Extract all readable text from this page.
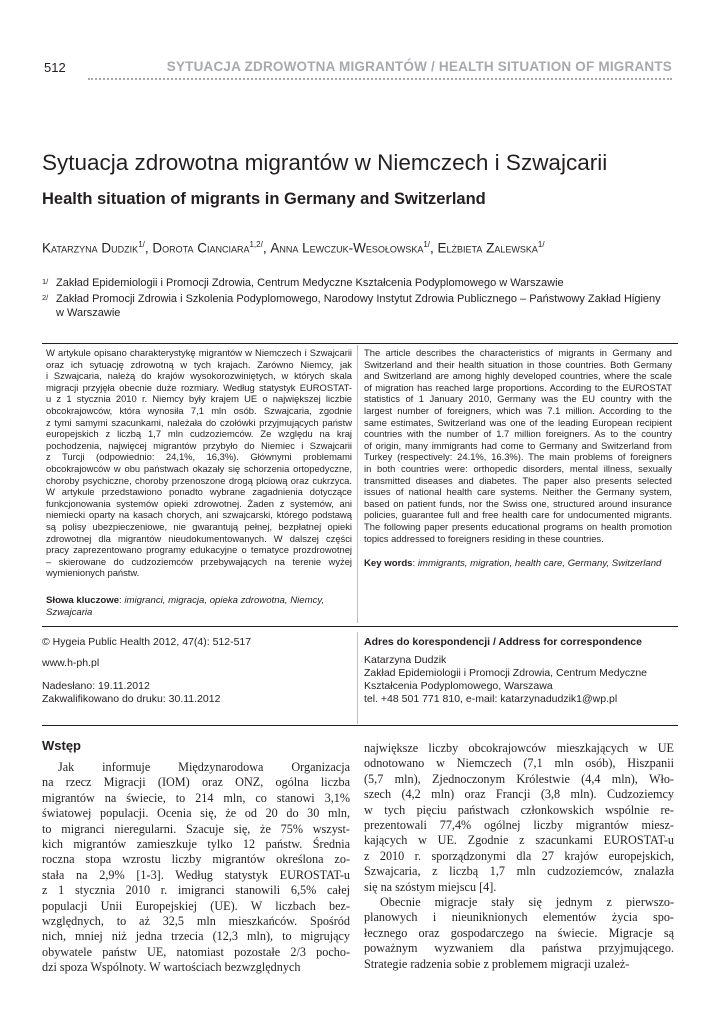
512	SYTUACJA ZDROWOTNA MIGRANTÓW / HEALTH SITUATION OF MIGRANTS
Sytuacja zdrowotna migrantów w Niemczech i Szwajcarii
Health situation of migrants in Germany and Switzerland
Katarzyna Dudzik$^{1/}$, Dorota Cianciara$^{1,2/}$, Anna Lewczuk-Wesołowska$^{1/}$, Elżbieta Zalewska$^{1/}$
1/ Zakład Epidemiologii i Promocji Zdrowia, Centrum Medyczne Kształcenia Podyplomowego w Warszawie
2/ Zakład Promocji Zdrowia i Szkolenia Podyplomowego, Narodowy Instytut Zdrowia Publicznego – Państwowy Zakład Higieny w Warszawie
W artykule opisano charakterystykę migrantów w Niemczech i Szwajcarii
oraz ich sytuację zdrowotną w tych krajach. Zarówno Niemcy, jak
i Szwajcaria, należą do krajów wysokorozwiniętych, w których skala
migracji przyjęła obecnie duże rozmiary. Według statystyk EUROSTAT-
u z 1 stycznia 2010 r. Niemcy były krajem UE o największej liczbie
obcokrajowców, która wynosiła 7,1 mln osób. Szwajcaria, zgodnie
z tymi samymi szacunkami, należała do czołówki przyjmujących państw
europejskich z liczbą 1,7 mln cudzoziemców. Ze względu na kraj
pochodzenia, najwięcej migrantów przybyło do Niemiec i Szwajcarii
z Turcji (odpowiednio: 24,1%, 16,3%). Głównymi problemami
obcokrajowców w obu państwach okazały się schorzenia ortopedyczne,
choroby psychiczne, choroby przenoszone drogą płciową oraz cukrzyca.
W artykule przedstawiono ponadto wybrane zagadnienia dotyczące
funkcjonowania systemów opieki zdrowotnej. Żaden z systemów, ani
niemiecki oparty na kasach chorych, ani szwajcarski, którego podstawą
są polisy ubezpieczeniowe, nie gwarantują pełnej, bezpłatnej opieki
zdrowotnej dla migrantów nieudokumentowanych. W dalszej części
pracy zaprezentowano programy edukacyjne o tematyce prozdrowotnej
– skierowane do cudzoziemców przebywających na terenie wyżej
wymienionych państw.
Słowa kluczowe: imigranci, migracja, opieka zdrowotna, Niemcy, Szwajcaria
The article describes the characteristics of migrants in Germany and
Switzerland and their health situation in those countries. Both Germany
and Switzerland are among highly developed countries, where the scale
of migration has reached large proportions. According to the EUROSTAT
statistics of 1 January 2010, Germany was the EU country with the
largest number of foreigners, which was 7.1 million. According to the
same estimates, Switzerland was one of the leading European recipient
countries with the number of 1.7 million foreigners. As to the country
of origin, many immigrants had come to Germany and Switzerland from
Turkey (respectively: 24.1%, 16.3%). The main problems of foreigners
in both countries were: orthopedic disorders, mental illness, sexually
transmitted diseases and diabetes. The paper also presents selected
issues of national health care systems. Neither the Germany system,
based on patient funds, nor the Swiss one, structured around insurance
policies, guarantee full and free health care for undocumented migrants.
The following paper presents educational programs on health promotion
topics addressed to foreigners residing in these countries.
Key words: immigrants, migration, health care, Germany, Switzerland
© Hygeia Public Health 2012, 47(4): 512-517
www.h-ph.pl
Nadesłano: 19.11.2012
Zakwalifikowano do druku: 30.11.2012
Adres do korespondencji / Address for correspondence
Katarzyna Dudzik
Zakład Epidemiologii i Promocji Zdrowia, Centrum Medyczne
Kształcenia Podyplomowego, Warszawa
tel. +48 501 771 810, e-mail: katarzynadudzik1@wp.pl
Wstęp
Jak informuje Międzynarodowa Organizacja
na rzecz Migracji (IOM) oraz ONZ, ogólna liczba
migrantów na świecie, to 214 mln, co stanowi 3,1%
światowej populacji. Ocenia się, że od 20 do 30 mln,
to migranci nieregularni. Szacuje się, że 75% wszyst-
kich migrantów zamieszkuje tylko 12 państw. Średnia
roczna stopa wzrostu liczby migrantów określona zo-
stała na 2,9% [1-3]. Według statystyk EUROSTAT-u
z 1 stycznia 2010 r. imigranci stanowili 6,5% całej
populacji Unii Europejskiej (UE). W liczbach bez-
względnych, to aż 32,5 mln mieszkańców. Spośród
nich, mniej niż jedna trzecia (12,3 mln), to migrujący
obywatele państw UE, natomiast pozostałe 2/3 pocho-
dzi spoza Wspólnoty. W wartościach bezwzględnych
największe liczby obcokrajowców mieszkających w UE
odnotowano w Niemczech (7,1 mln osób), Hiszpanii
(5,7 mln), Zjednoczonym Królestwie (4,4 mln), Wło-
szech (4,2 mln) oraz Francji (3,8 mln). Cudzoziemcy
w tych pięciu państwach członkowskich wspólnie re-
prezentowali 77,4% ogólnej liczby migrantów miesz-
kających w UE. Zgodnie z szacunkami EUROSTAT-u
z 2010 r. sporządzonymi dla 27 krajów europejskich,
Szwajcaria, z liczbą 1,7 mln cudzoziemców, znalazła
się na szóstym miejscu [4].
Obecnie migracje stały się jednym z pierwszo-
planowych i nieuniknionych elementów życia spo-
łecznego oraz gospodarczego na świecie. Migracje są
poważnym wyzwaniem dla państwa przyjmującego.
Strategie radzenia sobie z problemem migracji uzależ-
